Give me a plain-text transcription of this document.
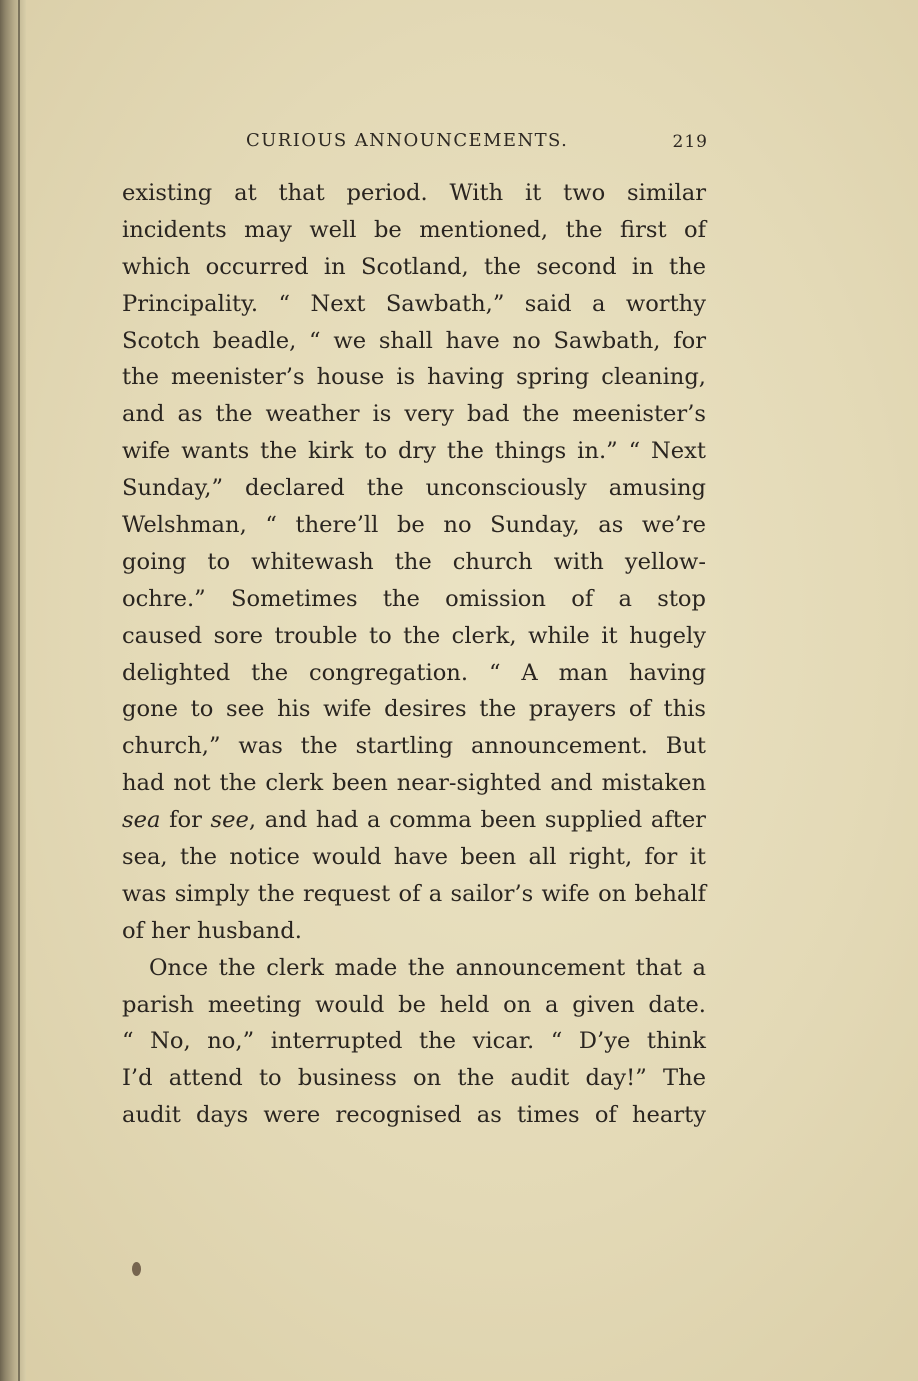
CURIOUS ANNOUNCEMENTS.	219
existing at that period. With it two similar
incidents may well be mentioned, the first of
which occurred in Scotland, the second in the
Principality. “ Next Sawbath,” said a worthy
Scotch beadle, “ we shall have no Sawbath, for
the meenister’s house is having spring cleaning,
and as the weather is very bad the meenister’s
wife wants the kirk to dry the things in.” “ Next
Sunday,” declared the unconsciously amusing
Welshman, “ there’ll be no Sunday, as we’re
going to whitewash the church with yellow-
ochre.” Sometimes the omission of a stop
caused sore trouble to the clerk, while it hugely
delighted the congregation. “ A man having
gone to see his wife desires the prayers of this
church,” was the startling announcement. But
had not the clerk been near-sighted and mistaken
sea for see, and had a comma been supplied after
sea, the notice would have been all right, for it
was simply the request of a sailor’s wife on behalf
of her husband.
Once the clerk made the announcement that a
parish meeting would be held on a given date.
“ No, no,” interrupted the vicar. “ D’ye think
I’d attend to business on the audit day!” The
audit days were recognised as times of hearty
